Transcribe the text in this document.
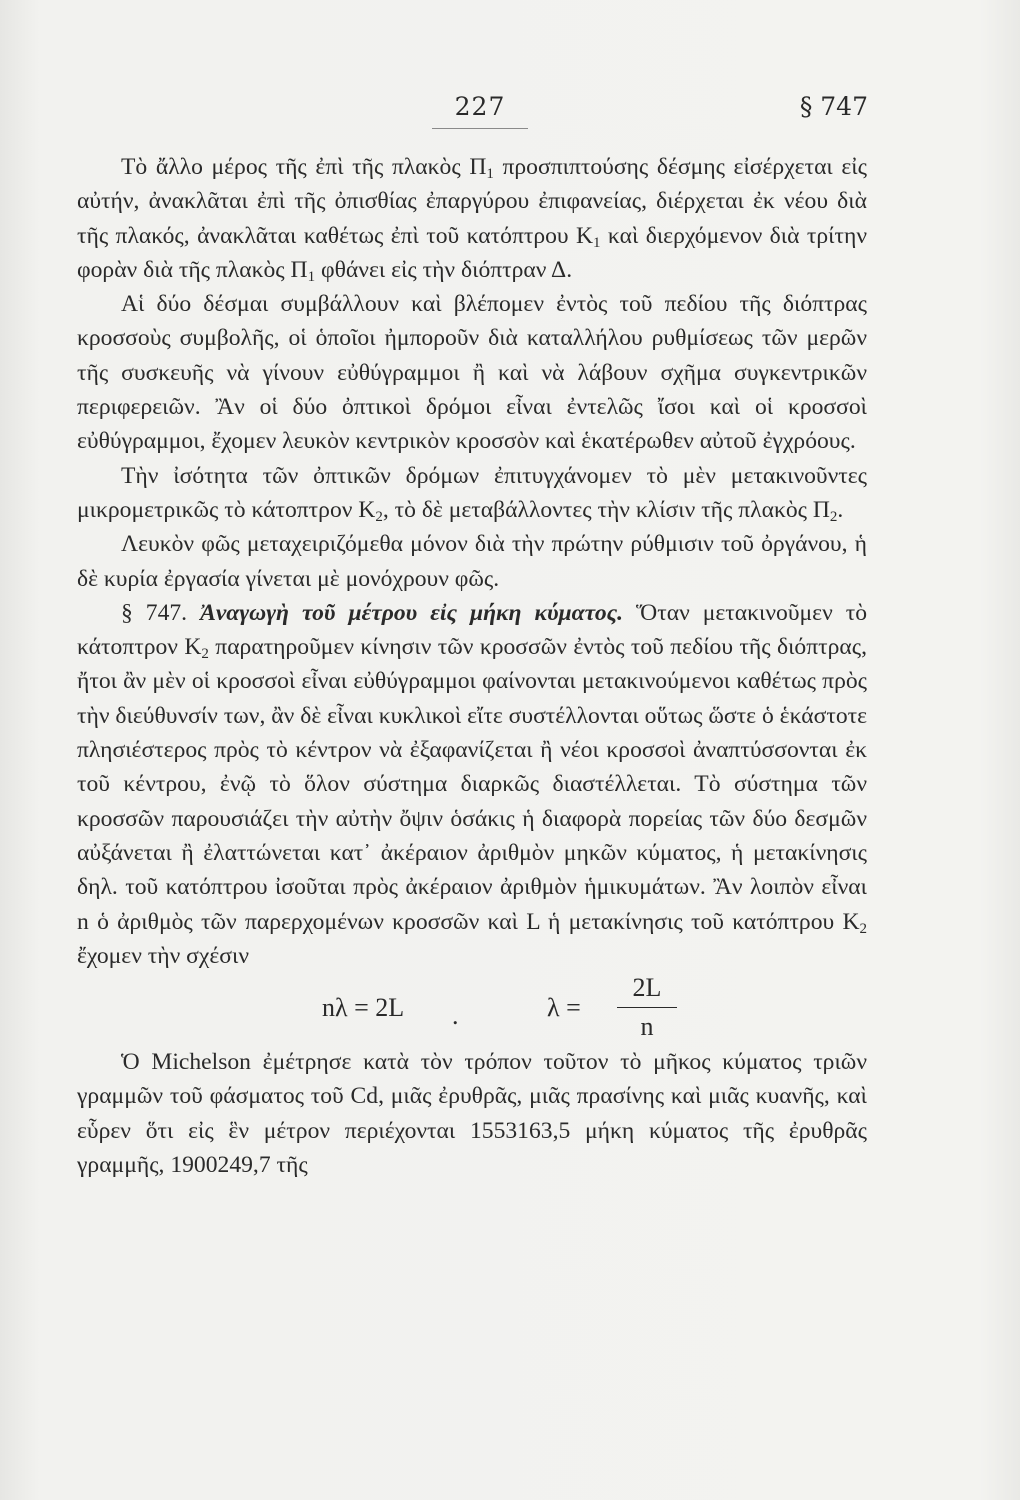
227	§ 747

Τὸ ἄλλο μέρος τῆς ἐπὶ τῆς πλακὸς $\Pi_1$ προσπιπτούσης δέσμης εἰσέρχεται εἰς αὐτήν, ἀνακλᾶται ἐπὶ τῆς ὀπισθίας ἐπαργύρου ἐπιφανείας, διέρχεται ἐκ νέου διὰ τῆς πλακός, ἀνακλᾶται καθέτως ἐπὶ τοῦ κατόπτρου $K_1$ καὶ διερχόμενον διὰ τρίτην φορὰν διὰ τῆς πλακὸς $\Pi_1$ φθάνει εἰς τὴν διόπτραν Δ.

Αἱ δύο δέσμαι συμβάλλουν καὶ βλέπομεν ἐντὸς τοῦ πεδίου τῆς διόπτρας κροσσοὺς συμβολῆς, οἱ ὁποῖοι ἠμποροῦν διὰ καταλλήλου ρυθμίσεως τῶν μερῶν τῆς συσκευῆς νὰ γίνουν εὐθύγραμμοι ἢ καὶ νὰ λάβουν σχῆμα συγκεντρικῶν περιφερειῶν. Ἂν οἱ δύο ὀπτικοὶ δρόμοι εἶναι ἐντελῶς ἴσοι καὶ οἱ κροσσοὶ εὐθύγραμμοι, ἔχομεν λευκὸν κεντρικὸν κροσσὸν καὶ ἑκατέρωθεν αὐτοῦ ἐγχρόους.

Τὴν ἰσότητα τῶν ὀπτικῶν δρόμων ἐπιτυγχάνομεν τὸ μὲν μετακινοῦντες μικρομετρικῶς τὸ κάτοπτρον $K_2$, τὸ δὲ μεταβάλλοντες τὴν κλίσιν τῆς πλακὸς $\Pi_2$.

Λευκὸν φῶς μεταχειριζόμεθα μόνον διὰ τὴν πρώτην ρύθμισιν τοῦ ὀργάνου, ἡ δὲ κυρία ἐργασία γίνεται μὲ μονόχρουν φῶς.

§ 747. Ἀναγωγὴ τοῦ μέτρου εἰς μήκη κύματος. Ὅταν μετακινοῦμεν τὸ κάτοπτρον $K_2$ παρατηροῦμεν κίνησιν τῶν κροσσῶν ἐντὸς τοῦ πεδίου τῆς διόπτρας, ἤτοι ἂν μὲν οἱ κροσσοὶ εἶναι εὐθύγραμμοι φαίνονται μετακινούμενοι καθέτως πρὸς τὴν διεύθυνσίν των, ἂν δὲ εἶναι κυκλικοὶ εἴτε συστέλλονται οὕτως ὥστε ὁ ἑκάστοτε πλησιέστερος πρὸς τὸ κέντρον νὰ ἐξαφανίζεται ἢ νέοι κροσσοὶ ἀναπτύσσονται ἐκ τοῦ κέντρου, ἐνῷ τὸ ὅλον σύστημα διαρκῶς διαστέλλεται. Τὸ σύστημα τῶν κροσσῶν παρουσιάζει τὴν αὐτὴν ὄψιν ὁσάκις ἡ διαφορὰ πορείας τῶν δύο δεσμῶν αὐξάνεται ἢ ἐλαττώνεται κατ᾽ ἀκέραιον ἀριθμὸν μηκῶν κύματος, ἡ μετακίνησις δηλ. τοῦ κατόπτρου ἰσοῦται πρὸς ἀκέραιον ἀριθμὸν ἡμικυμάτων. Ἂν λοιπὸν εἶναι n ὁ ἀριθμὸς τῶν παρερχομένων κροσσῶν καὶ L ἡ μετακίνησις τοῦ κατόπτρου $K_2$ ἔχομεν τὴν σχέσιν

nλ = 2L .	$\lambda = \frac{2L}{n}$

Ὁ Michelson ἐμέτρησε κατὰ τὸν τρόπον τοῦτον τὸ μῆκος κύματος τριῶν γραμμῶν τοῦ φάσματος τοῦ Cd, μιᾶς ἐρυθρᾶς, μιᾶς πρασίνης καὶ μιᾶς κυανῆς, καὶ εὗρεν ὅτι εἰς ἓν μέτρον περιέχονται 1553163,5 μήκη κύματος τῆς ἐρυθρᾶς γραμμῆς, 1900249,7 τῆς
